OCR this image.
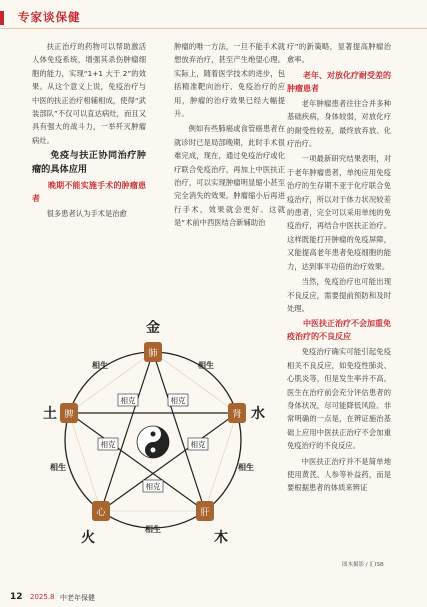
专家谈保健

扶正治疗的药物可以帮助激活人体免疫系统，增强其杀伤肿瘤细胞的能力，实现“1+1 大于 2”的效果。从这个意义上说，免疫治疗与中医的扶正治疗相辅相成，使得“武装部队”不仅可以直达病灶，而且又具有强大的战斗力，一举歼灭肿瘤病灶。

免疫与扶正协同治疗肿瘤的具体应用

晚期不能实施手术的肿瘤患者

很多患者认为手术是治愈

肿瘤的唯一方法，一旦不能手术就想放弃治疗，甚至产生绝望心理。实际上，随着医学技术的进步，包括精准靶向治疗、免疫治疗的应用，肿瘤的治疗效果已经大幅提升。

例如有些肺癌或食管癌患者在就诊时已是局部晚期，此时手术很难完成，现在，通过免疫治疗或化疗联合免疫治疗，再加上中医扶正治疗，可以实现肿瘤明显缩小甚至完全消失的效果。肿瘤缩小后再进行手术，效果就会更好。这就是“术前中西医结合新辅助治

疗”的新策略，显著提高肿瘤治愈率。

老年、对放化疗耐受差的肿瘤患者

老年肿瘤患者往往合并多种基础疾病，身体较弱，对放化疗的耐受性较差，最终放弃放、化疗治疗。

一项最新研究结果表明，对于老年肿瘤患者，单纯应用免疫治疗的生存期不亚于化疗联合免疫治疗，所以对于体力状况较差的患者，完全可以采用单纯的免疫治疗，再结合中医扶正治疗。这样既能打开肿瘤的免疫屏障，又能提高老年患者免疫细胞的能力，达到事半功倍的治疗效果。

当然，免疫治疗也可能出现不良反应，需要提前预防和及时处理。

中医扶正治疗不会加重免疫治疗的不良反应

免疫治疗确实可能引起免疫相关不良反应，如免疫性肺炎、心肌炎等，但是发生率并不高。医生在治疗前会充分评估患者的身体状况，尽可能降低风险。非常明确的一点是，在辨证施治基础上应用中医扶正治疗不会加重免疫治疗的不良反应。

中医扶正治疗并不是简单地使用黄芪、人参等补益药，而是要根据患者的体质来辨证

金
水
木
火
土
肺
肾
肝
心
脾
相生
相生
相生
相生
相生
相克	相克
相克
相克
相克
图木摄影 / 汇ISB
12 2025.8 中老年保健
